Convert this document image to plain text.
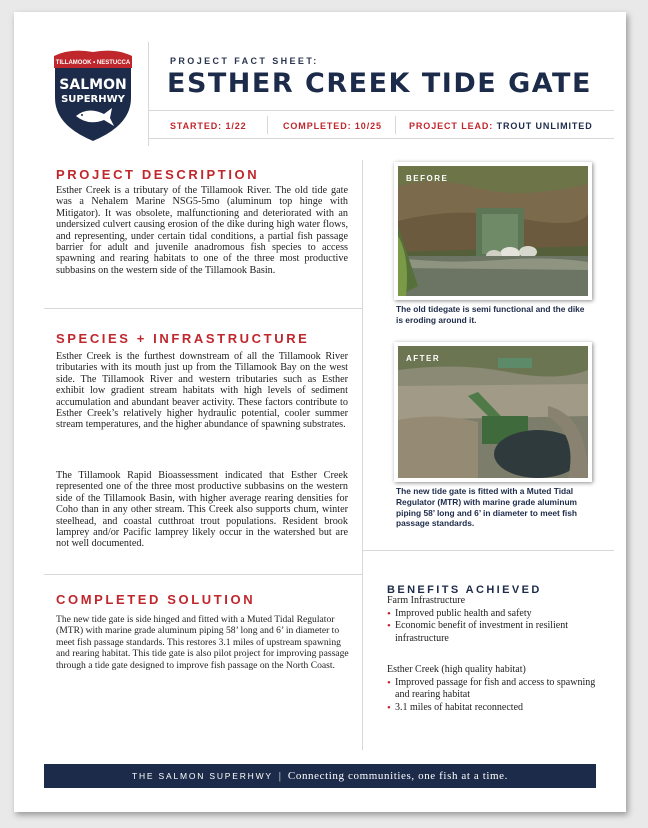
TILLAMOOK • NESTUCCA
SALMON
SUPERHWY
PROJECT FACT SHEET:
ESTHER CREEK TIDE GATE
STARTED: 1/22	COMPLETED: 10/25	PROJECT LEAD: TROUT UNLIMITED
PROJECT DESCRIPTION

Esther Creek is a tributary of the Tillamook River. The old tide gate was a Nehalem Marine NSG5-5mo (aluminum top hinge with Mitigator). It was obsolete, malfunctioning and deteriorated with an undersized culvert causing erosion of the dike during high water flows, and representing, under certain tidal conditions, a partial fish passage barrier for adult and juvenile anadromous fish species to access spawning and rearing habitats to one of the three most productive subbasins on the western side of the Tillamook Basin.

SPECIES + INFRASTRUCTURE

Esther Creek is the furthest downstream of all the Tillamook River tributaries with its mouth just up from the Tillamook Bay on the west side. The Tillamook River and western tributaries such as Esther exhibit low gradient stream habitats with high levels of sediment accumulation and abundant beaver activity. These factors contribute to Esther Creek’s relatively higher hydraulic potential, cooler summer stream temperatures, and the higher abundance of spawning substrates.

The Tillamook Rapid Bioassessment indicated that Esther Creek represented one of the three most productive subbasins on the western side of the Tillamook Basin, with higher average rearing densities for Coho than in any other stream. This Creek also supports chum, winter steelhead, and coastal cutthroat trout populations. Resident brook lamprey and/or Pacific lamprey likely occur in the watershed but are not well documented.

COMPLETED SOLUTION

The new tide gate is side hinged and fitted with a Muted Tidal Regulator (MTR) with marine grade aluminum piping 58’ long and 6’ in diameter to meet fish passage standards. This restores 3.1 miles of upstream spawning and rearing habitat. This tide gate is also pilot project for improving passage through a tide gate designed to improve fish passage on the North Coast.

BEFORE

The old tidegate is semi functional and the dike is eroding around it.

AFTER

The new tide gate is fitted with a Muted Tidal Regulator (MTR) with marine grade aluminum piping 58’ long and 6’ in diameter to meet fish passage standards.

BENEFITS ACHIEVED
Farm Infrastructure
• Improved public health and safety
• Economic benefit of investment in resilient infrastructure
Esther Creek (high quality habitat)
• Improved passage for fish and access to spawning and rearing habitat
• 3.1 miles of habitat reconnected
THE SALMON SUPERHWY | Connecting communities, one fish at a time.
